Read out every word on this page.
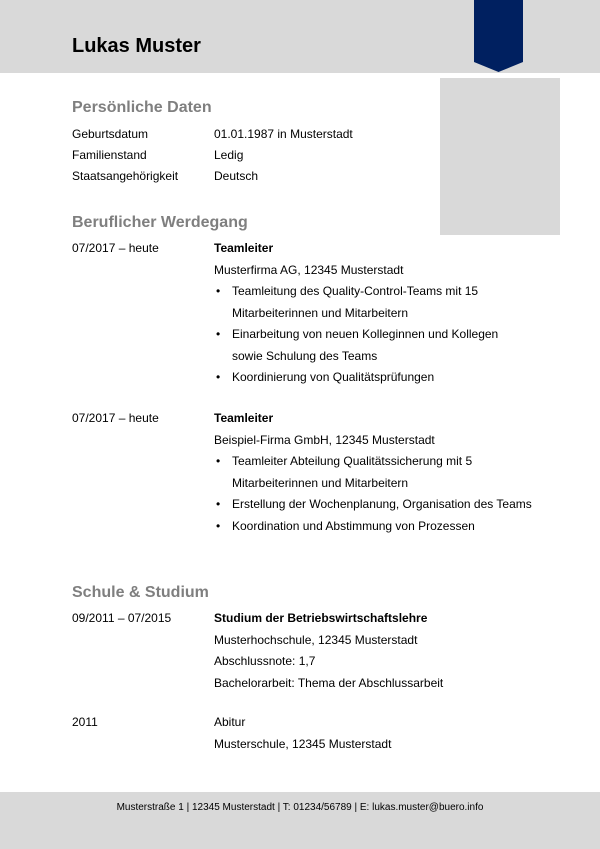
Lukas Muster
Persönliche Daten
Geburtsdatum	01.01.1987 in Musterstadt
Familienstand	Ledig
Staatsangehörigkeit	Deutsch
Beruflicher Werdegang
07/2017 – heute	Teamleiter
Musterfirma AG, 12345 Musterstadt
• Teamleitung des Quality-Control-Teams mit 15 Mitarbeiterinnen und Mitarbeitern
• Einarbeitung von neuen Kolleginnen und Kollegen sowie Schulung des Teams
• Koordinierung von Qualitätsprüfungen
07/2017 – heute	Teamleiter
Beispiel-Firma GmbH, 12345 Musterstadt
• Teamleiter Abteilung Qualitätssicherung mit 5 Mitarbeiterinnen und Mitarbeitern
• Erstellung der Wochenplanung, Organisation des Teams
• Koordination und Abstimmung von Prozessen
Schule & Studium
09/2011 – 07/2015	Studium der Betriebswirtschaftslehre
Musterhochschule, 12345 Musterstadt
Abschlussnote: 1,7
Bachelorarbeit: Thema der Abschlussarbeit
2011	Abitur
Musterschule, 12345 Musterstadt
Musterstraße 1 | 12345 Musterstadt | T: 01234/56789 | E: lukas.muster@buero.info
